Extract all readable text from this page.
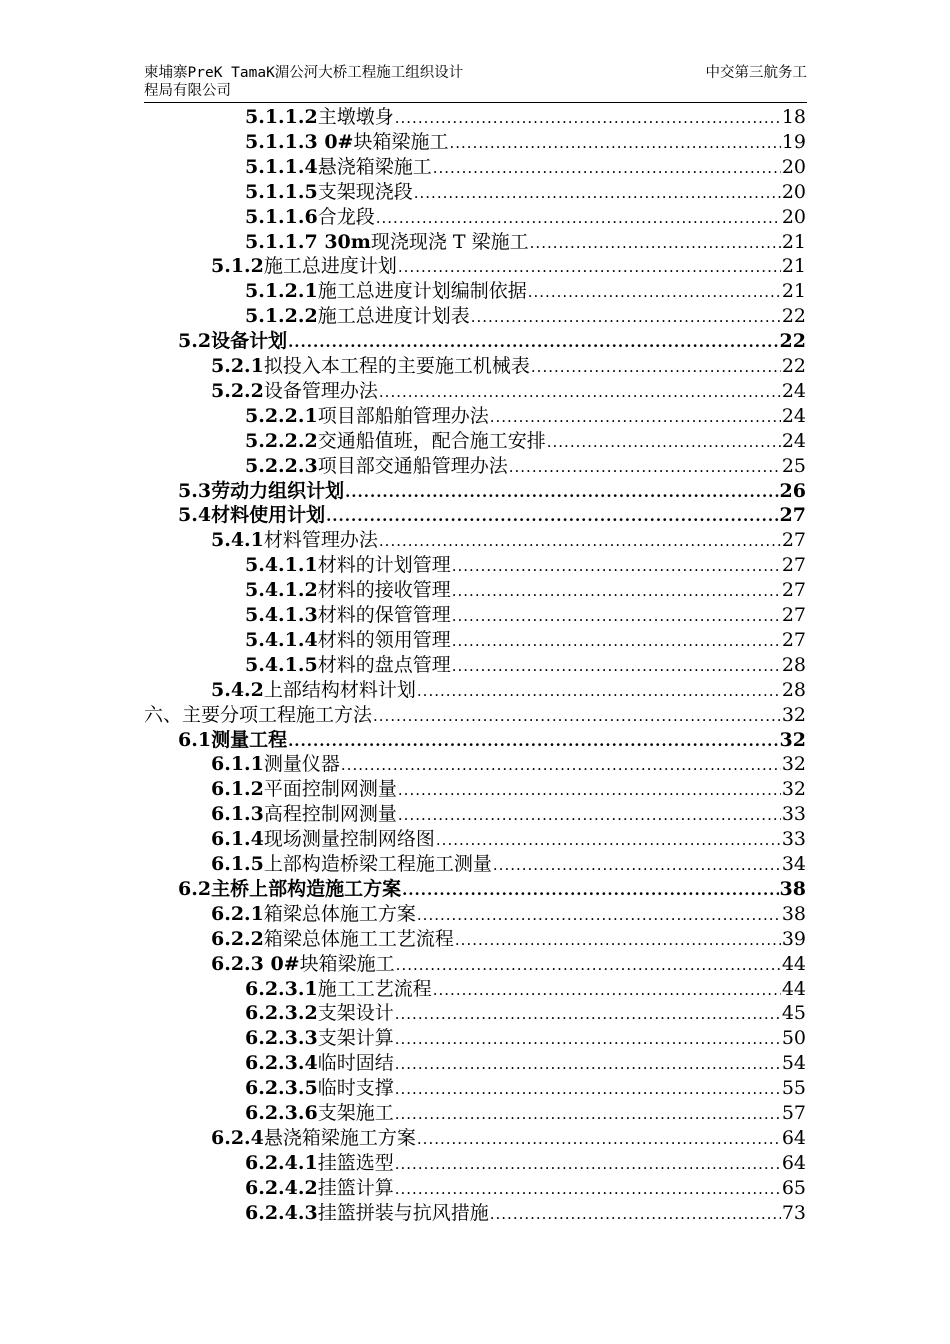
柬埔寨PreK TamaK湄公河大桥工程施工组织设计
程局有限公司
中交第三航务工
5.1.1.2 主墩墩身 .....	18
5.1.1.3 0# 块箱梁施工 .....	19
5.1.1.4 悬浇箱梁施工 .....	20
5.1.1.5 支架现浇段 .....	20
5.1.1.6 合龙段 .....	20
5.1.1.7 30m 现浇现浇 T 梁施工 .....	21
5.1.2 施工总进度计划 .....	21
5.1.2.1 施工总进度计划编制依据 .....	21
5.1.2.2 施工总进度计划表 .....	22
5.2 设备计划 .....	22
5.2.1 拟投入本工程的主要施工机械表 .....	22
5.2.2 设备管理办法 .....	24
5.2.2.1 项目部船舶管理办法 .....	24
5.2.2.2 交通船值班，配合施工安排 .....	24
5.2.2.3 项目部交通船管理办法 .....	25
5.3 劳动力组织计划 .....	26
5.4 材料使用计划 .....	27
5.4.1 材料管理办法 .....	27
5.4.1.1 材料的计划管理 .....	27
5.4.1.2 材料的接收管理 .....	27
5.4.1.3 材料的保管管理 .....	27
5.4.1.4 材料的领用管理 .....	27
5.4.1.5 材料的盘点管理 .....	28
5.4.2 上部结构材料计划 .....	28
六、主要分项工程施工方法 .....	32
6.1 测量工程 .....	32
6.1.1 测量仪器 .....	32
6.1.2 平面控制网测量 .....	32
6.1.3 高程控制网测量 .....	33
6.1.4 现场测量控制网络图 .....	33
6.1.5 上部构造桥梁工程施工测量 .....	34
6.2 主桥上部构造施工方案 .....	38
6.2.1 箱梁总体施工方案 .....	38
6.2.2 箱梁总体施工工艺流程 .....	39
6.2.3 0# 块箱梁施工 .....	44
6.2.3.1 施工工艺流程 .....	44
6.2.3.2 支架设计 .....	45
6.2.3.3 支架计算 .....	50
6.2.3.4 临时固结 .....	54
6.2.3.5 临时支撑 .....	55
6.2.3.6 支架施工 .....	57
6.2.4 悬浇箱梁施工方案 .....	64
6.2.4.1 挂篮选型 .....	64
6.2.4.2 挂篮计算 .....	65
6.2.4.3 挂篮拼装与抗风措施 .....	73
